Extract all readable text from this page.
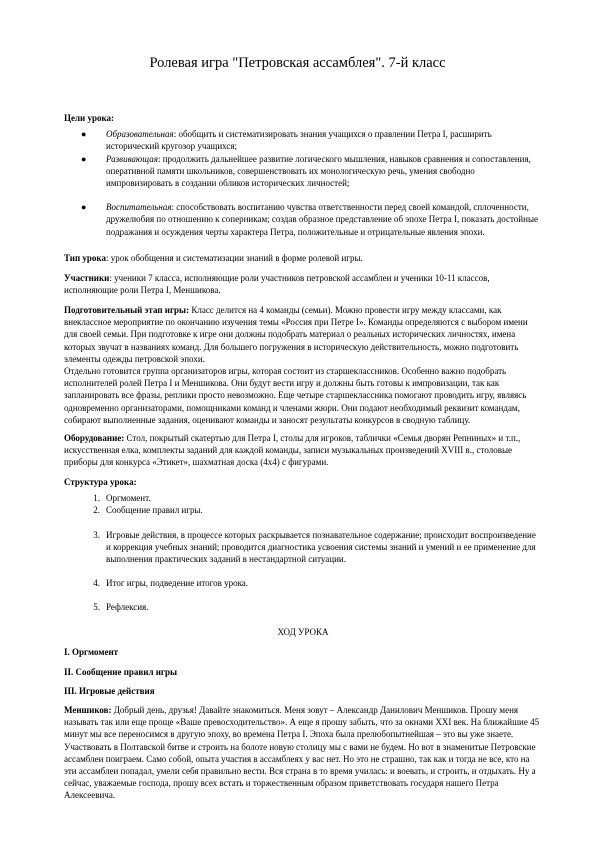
Ролевая игра "Петровская ассамблея". 7-й класс

Цели урока:

● Образовательная: обобщить и систематизировать знания учащихся о правлении Петра I, расширить исторический кругозор учащихся;
● Развивающая: продолжить дальнейшее развитие логического мышления, навыков сравнения и сопоставления, оперативной памяти школьников, совершенствовать их монологическую речь, умения свободно импровизировать в создании обликов исторических личностей;
● Воспитательная: способствовать воспитанию чувства ответственности перед своей командой, сплоченности, дружелюбия по отношению к соперникам; создав образное представление об эпохе Петра I, показать достойные подражания и осуждения черты характера Петра, положительные и отрицательные явления эпохи.

Тип урока: урок обобщения и систематизации знаний в форме ролевой игры.

Участники: ученики 7 класса, исполняющие роли участников петровской ассамблеи и ученики 10-11 классов, исполняющие роли Петра I, Меншикова.

Подготовительный этап игры: Класс делится на 4 команды (семьи). Можно провести игру между классами, как внеклассное мероприятие по окончанию изучения темы «Россия при Петре I». Команды определяются с выбором имени для своей семьи. При подготовке к игре они должны подобрать материал о реальных исторических личностях, имена которых звучат в названиях команд. Для большего погружения в историческую действительность, можно подготовить элементы одежды петровской эпохи.

Отдельно готовится группа организаторов игры, которая состоит из старшеклассников. Особенно важно подобрать исполнителей ролей Петра I и Меншикова. Они будут вести игру и должны быть готовы к импровизации, так как запланировать все фразы, реплики просто невозможно. Еще четыре старшеклассника помогают проводить игру, являясь одновременно организаторами, помощниками команд и членами жюри. Они подают необходимый реквизит командам, собирают выполненные задания, оценивают команды и заносят результаты конкурсов в сводную таблицу.

Оборудование: Стол, покрытый скатертью для Петра I, столы для игроков, таблички «Семья дворян Репниных» и т.п., искусственная елка, комплекты заданий для каждой команды, записи музыкальных произведений XVIII в., столовые приборы для конкурса «Этикет», шахматная доска (4x4) с фигурами.

Структура урока:

1. Оргмомент.
2. Сообщение правил игры.
3. Игровые действия, в процессе которых раскрывается познавательное содержание; происходит воспроизведение и коррекция учебных знаний; проводится диагностика усвоения системы знаний и умений и ее применение для выполнения практических заданий в нестандартной ситуации.
4. Итог игры, подведение итогов урока.
5. Рефлексия.
ХОД УРОКА
I. Оргмомент
II. Сообщение правил игры
III. Игровые действия

Меншиков: Добрый день, друзья! Давайте знакомиться. Меня зовут – Александр Данилович Меншиков. Прошу меня называть так или еще проще «Ваше превосходительство». А еще я прошу забыть, что за окнами XXI век. На ближайшие 45 минут мы все переносимся в другую эпоху, во времена Петра I. Эпоха была прелюбопытнейшая – это вы уже знаете. Участвовать в Полтавской битве и строить на болоте новую столицу мы с вами не будем. Но вот в знаменитые Петровские ассамблеи поиграем. Само собой, опыта участия в ассамблеях у вас нет. Но это не страшно, так как и тогда не все, кто на эти ассамблеи попадал, умели себя правильно вести. Вся страна в то время училась: и воевать, и строить, и отдыхать. Ну а сейчас, уважаемые господа, прошу всех встать и торжественным образом приветствовать государя нашего Петра Алексеевича.
